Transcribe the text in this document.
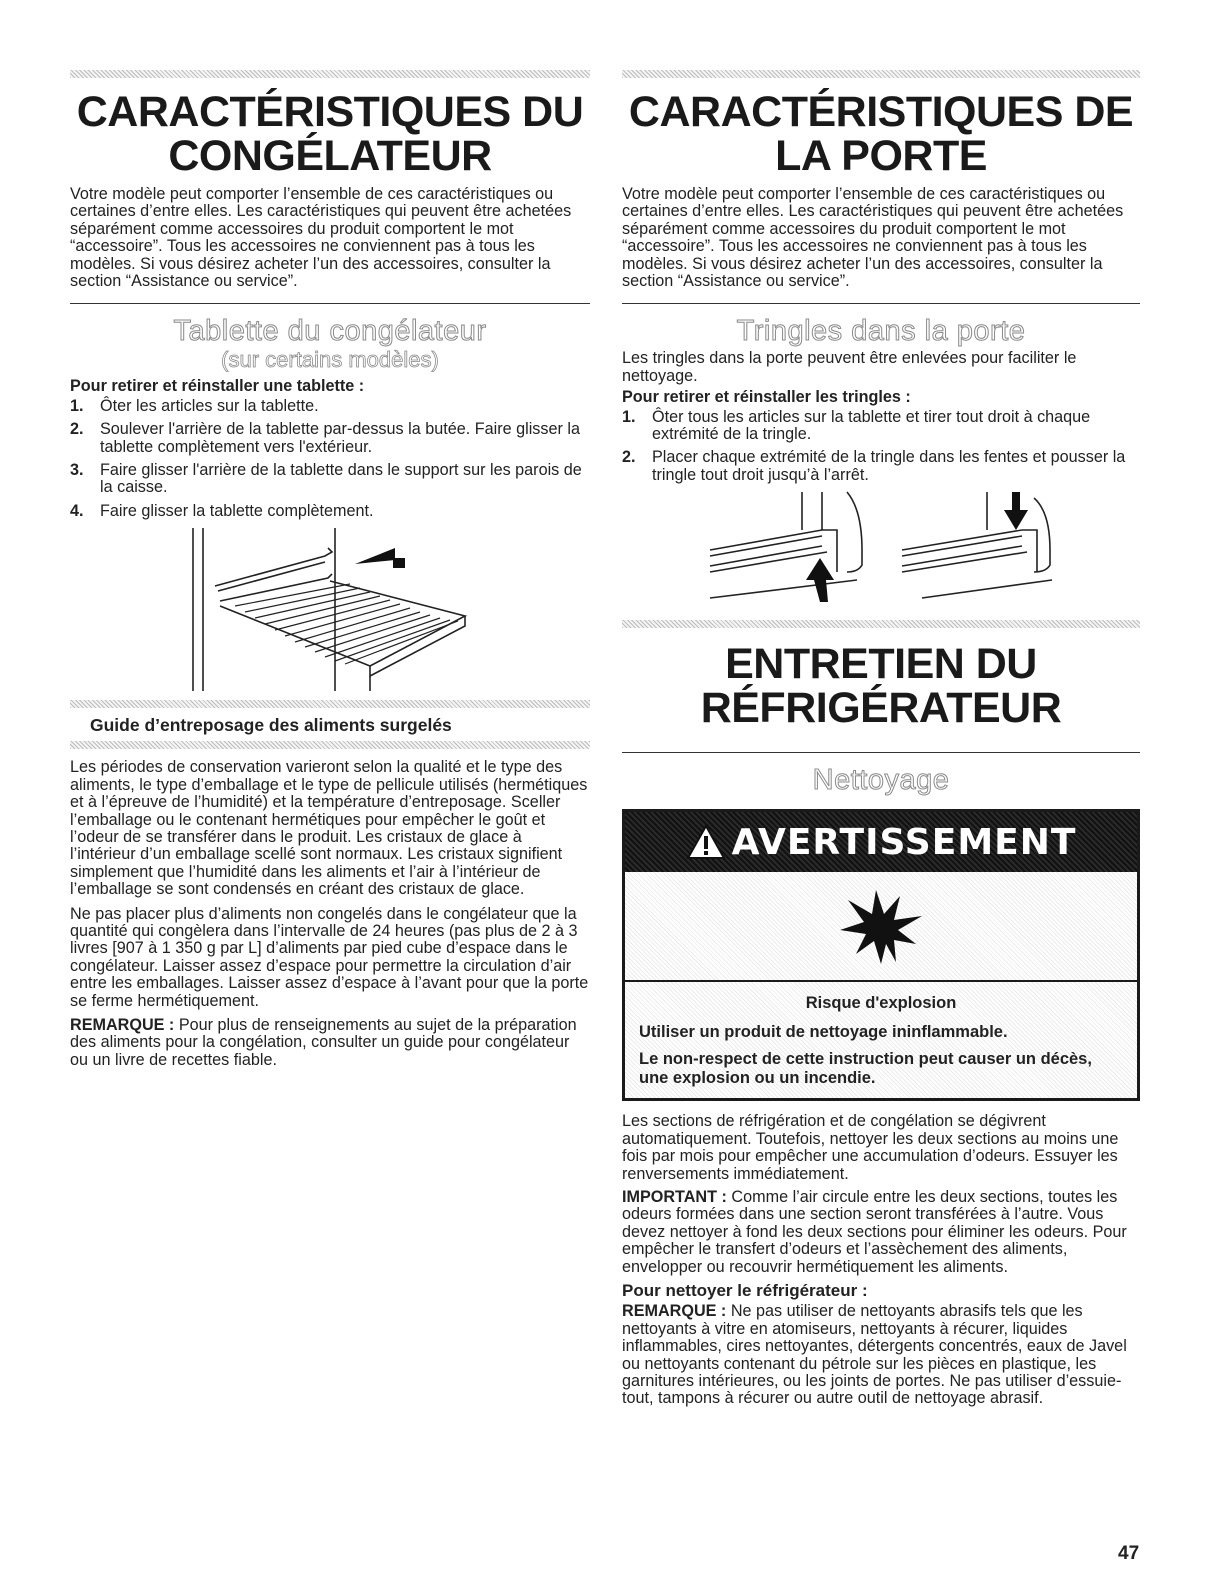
CARACTÉRISTIQUES DU
CONGÉLATEUR

Votre modèle peut comporter l’ensemble de ces caractéristiques ou certaines d’entre elles. Les caractéristiques qui peuvent être achetées séparément comme accessoires du produit comportent le mot “accessoire”. Tous les accessoires ne conviennent pas à tous les modèles. Si vous désirez acheter l’un des accessoires, consulter la section “Assistance ou service”.

Tablette du congélateur
(sur certains modèles)

Pour retirer et réinstaller une tablette :

1. Ôter les articles sur la tablette.
2. Soulever l'arrière de la tablette par-dessus la butée. Faire glisser la tablette complètement vers l'extérieur.
3. Faire glisser l'arrière de la tablette dans le support sur les parois de la caisse.
4. Faire glisser la tablette complètement.
Guide d’entreposage des aliments surgelés

Les périodes de conservation varieront selon la qualité et le type des aliments, le type d’emballage et le type de pellicule utilisés (hermétiques et à l’épreuve de l’humidité) et la température d’entreposage. Sceller l’emballage ou le contenant hermétiques pour empêcher le goût et l’odeur de se transférer dans le produit. Les cristaux de glace à l’intérieur d’un emballage scellé sont normaux. Les cristaux signifient simplement que l’humidité dans les aliments et l’air à l’intérieur de l’emballage se sont condensés en créant des cristaux de glace.

Ne pas placer plus d’aliments non congelés dans le congélateur que la quantité qui congèlera dans l’intervalle de 24 heures (pas plus de 2 à 3 livres [907 à 1 350 g par L] d’aliments par pied cube d’espace dans le congélateur. Laisser assez d’espace pour permettre la circulation d’air entre les emballages. Laisser assez d’espace à l’avant pour que la porte se ferme hermétiquement.

REMARQUE : Pour plus de renseignements au sujet de la préparation des aliments pour la congélation, consulter un guide pour congélateur ou un livre de recettes fiable.

CARACTÉRISTIQUES DE
LA PORTE

Votre modèle peut comporter l’ensemble de ces caractéristiques ou certaines d’entre elles. Les caractéristiques qui peuvent être achetées séparément comme accessoires du produit comportent le mot “accessoire”. Tous les accessoires ne conviennent pas à tous les modèles. Si vous désirez acheter l’un des accessoires, consulter la section “Assistance ou service”.

Tringles dans la porte

Les tringles dans la porte peuvent être enlevées pour faciliter le nettoyage.

Pour retirer et réinstaller les tringles :

1. Ôter tous les articles sur la tablette et tirer tout droit à chaque extrémité de la tringle.
2. Placer chaque extrémité de la tringle dans les fentes et pousser la tringle tout droit jusqu’à l’arrêt.
ENTRETIEN DU
RÉFRIGÉRATEUR
Nettoyage
AVERTISSEMENT

Risque d'explosion

Utiliser un produit de nettoyage ininflammable.

Le non-respect de cette instruction peut causer un décès, une explosion ou un incendie.

Les sections de réfrigération et de congélation se dégivrent automatiquement. Toutefois, nettoyer les deux sections au moins une fois par mois pour empêcher une accumulation d’odeurs. Essuyer les renversements immédiatement.

IMPORTANT : Comme l’air circule entre les deux sections, toutes les odeurs formées dans une section seront transférées à l’autre. Vous devez nettoyer à fond les deux sections pour éliminer les odeurs. Pour empêcher le transfert d’odeurs et l’assèchement des aliments, envelopper ou recouvrir hermétiquement les aliments.

Pour nettoyer le réfrigérateur :

REMARQUE : Ne pas utiliser de nettoyants abrasifs tels que les nettoyants à vitre en atomiseurs, nettoyants à récurer, liquides inflammables, cires nettoyantes, détergents concentrés, eaux de Javel ou nettoyants contenant du pétrole sur les pièces en plastique, les garnitures intérieures, ou les joints de portes. Ne pas utiliser d’essuie-tout, tampons à récurer ou autre outil de nettoyage abrasif.

47
